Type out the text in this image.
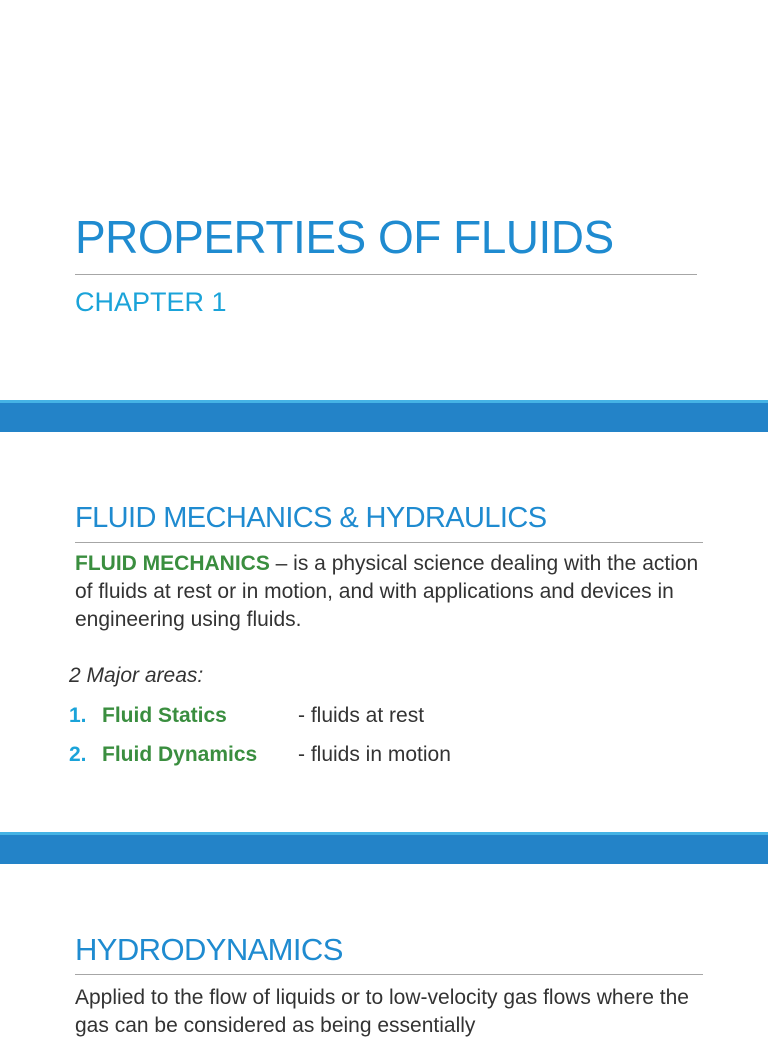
PROPERTIES OF FLUIDS
CHAPTER 1
FLUID MECHANICS & HYDRAULICS
FLUID MECHANICS – is a physical science dealing with the action of fluids at rest or in motion, and with applications and devices in engineering using fluids.
2 Major areas:
1. Fluid Statics	- fluids at rest
2. Fluid Dynamics - fluids in motion
HYDRODYNAMICS
Applied to the flow of liquids or to low-velocity gas flows where the gas can be considered as being essentially
